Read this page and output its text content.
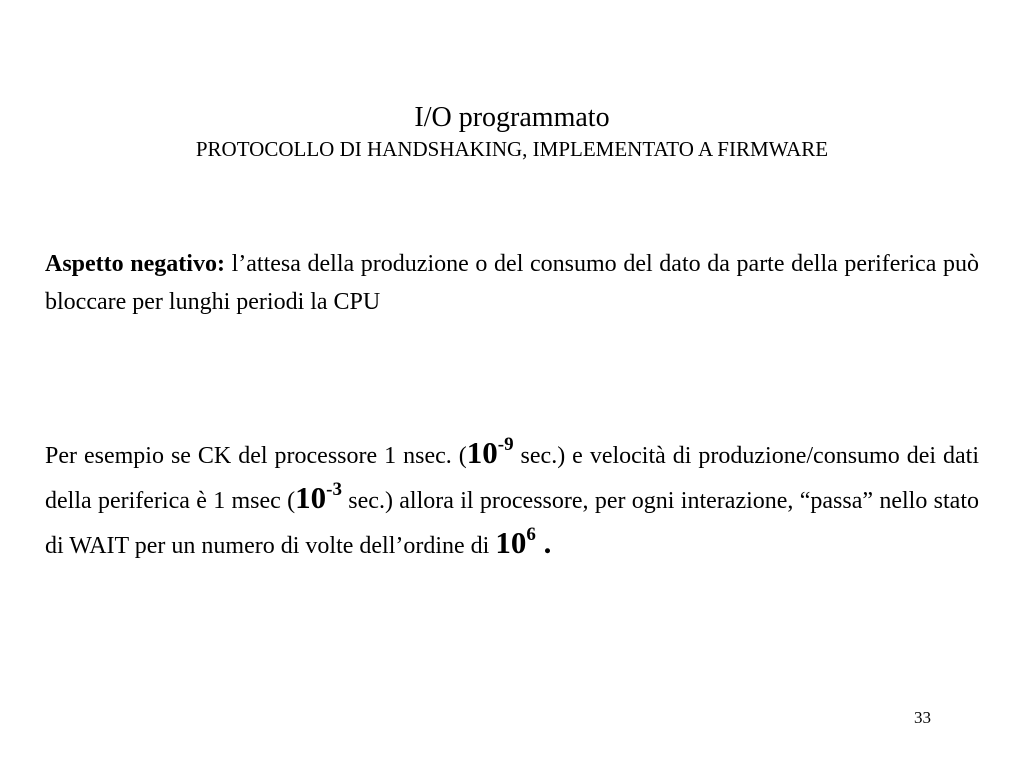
I/O programmato
PROTOCOLLO DI HANDSHAKING, IMPLEMENTATO A FIRMWARE
Aspetto negativo: l’attesa della produzione o del consumo del dato da parte della periferica può bloccare per lunghi periodi la CPU
Per esempio se CK del processore 1 nsec. ($10^{-9}$ sec.) e velocità di produzione/consumo dei dati della periferica è 1 msec ($10^{-3}$ sec.) allora il processore, per ogni interazione, “passa” nello stato di WAIT per un numero di volte dell’ordine di $10^6$ .
33
